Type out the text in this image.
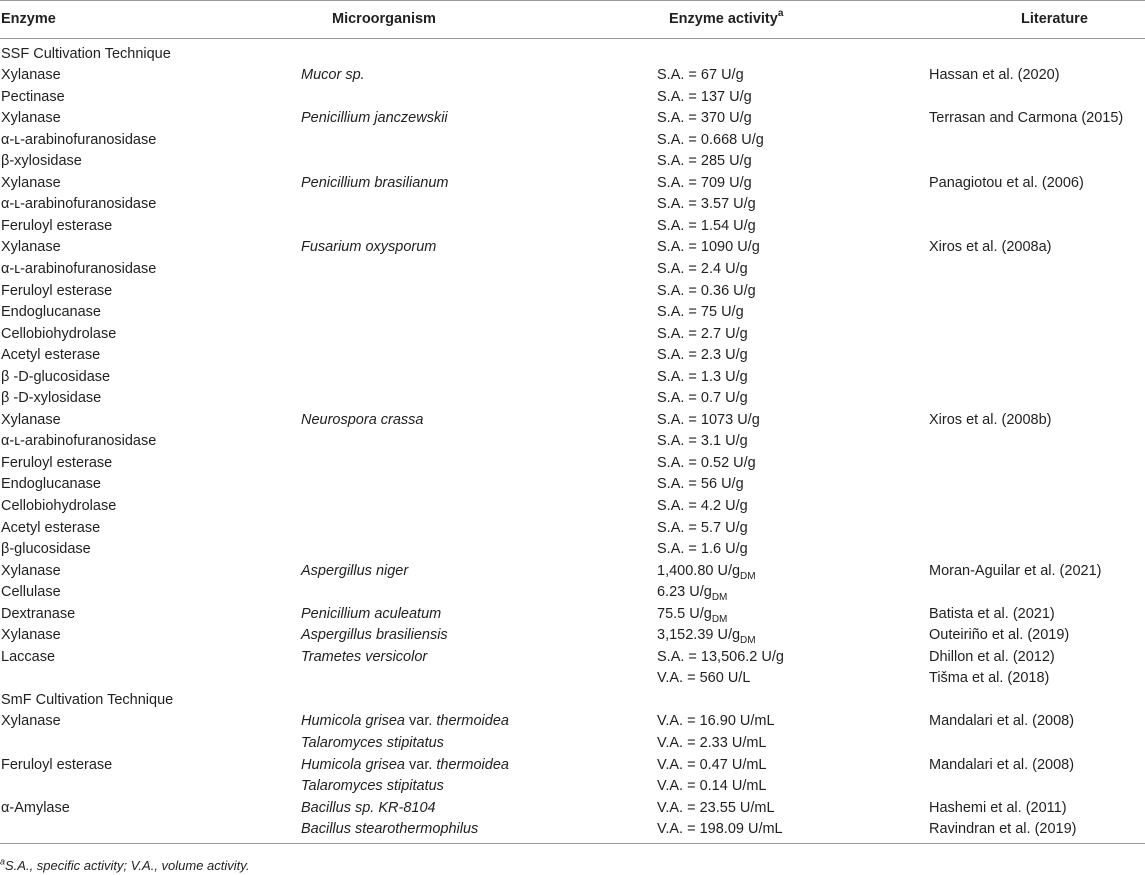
Enzyme	Microorganism	Enzyme activity$^a$	Literature
SSF Cultivation Technique			
Xylanase	Mucor sp.	S.A. = 67 U/g	Hassan et al. (2020)
Pectinase		S.A. = 137 U/g	
Xylanase	Penicillium janczewskii	S.A. = 370 U/g	Terrasan and Carmona (2015)
α-ʟ-arabinofuranosidase		S.A. = 0.668 U/g	
β-xylosidase		S.A. = 285 U/g	
Xylanase	Penicillium brasilianum	S.A. = 709 U/g	Panagiotou et al. (2006)
α-ʟ-arabinofuranosidase		S.A. = 3.57 U/g	
Feruloyl esterase		S.A. = 1.54 U/g	
Xylanase	Fusarium oxysporum	S.A. = 1090 U/g	Xiros et al. (2008a)
α-ʟ-arabinofuranosidase		S.A. = 2.4 U/g	
Feruloyl esterase		S.A. = 0.36 U/g	
Endoglucanase		S.A. = 75 U/g	
Cellobiohydrolase		S.A. = 2.7 U/g	
Acetyl esterase		S.A. = 2.3 U/g	
β -D-glucosidase		S.A. = 1.3 U/g	
β -D-xylosidase		S.A. = 0.7 U/g	
Xylanase	Neurospora crassa	S.A. = 1073 U/g	Xiros et al. (2008b)
α-ʟ-arabinofuranosidase		S.A. = 3.1 U/g	
Feruloyl esterase		S.A. = 0.52 U/g	
Endoglucanase		S.A. = 56 U/g	
Cellobiohydrolase		S.A. = 4.2 U/g	
Acetyl esterase		S.A. = 5.7 U/g	
β-glucosidase		S.A. = 1.6 U/g	
Xylanase	Aspergillus niger	1,400.80 $U/g_{DM}$	Moran-Aguilar et al. (2021)
Cellulase		6.23 $U/g_{DM}$	
Dextranase	Penicillium aculeatum	75.5 $U/g_{DM}$	Batista et al. (2021)
Xylanase	Aspergillus brasiliensis	3,152.39 $U/g_{DM}$	Outeiriño et al. (2019)
Laccase	Trametes versicolor	S.A. = 13,506.2 U/g	Dhillon et al. (2012)
		V.A. = 560 U/L	Tišma et al. (2018)
SmF Cultivation Technique			
Xylanase	Humicola grisea var. thermoidea	V.A. = 16.90 U/mL	Mandalari et al. (2008)
	Talaromyces stipitatus	V.A. = 2.33 U/mL	
Feruloyl esterase	Humicola grisea var. thermoidea	V.A. = 0.47 U/mL	Mandalari et al. (2008)
	Talaromyces stipitatus	V.A. = 0.14 U/mL	
α-Amylase	Bacillus sp. KR-8104	V.A. = 23.55 U/mL	Hashemi et al. (2011)
	Bacillus stearothermophilus	V.A. = 198.09 U/mL	Ravindran et al. (2019)
$^a$S.A., specific activity; V.A., volume activity.
